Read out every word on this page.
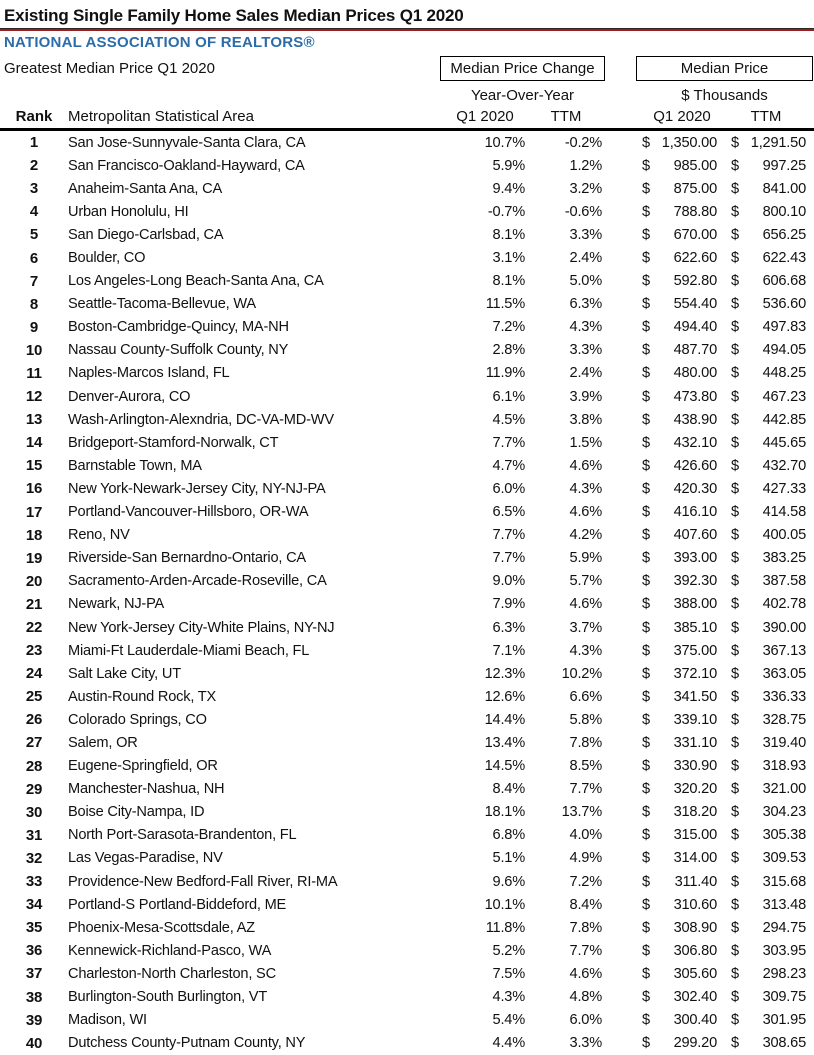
Existing Single Family Home Sales Median Prices Q1 2020
NATIONAL ASSOCIATION OF REALTORS®
Greatest Median Price Q1 2020	Median Price Change	Median Price
Year-Over-Year	$ Thousands
Rank	Metropolitan Statistical Area	Q1 2020	TTM	Q1 2020	TTM
1	San Jose-Sunnyvale-Santa Clara, CA	10.7%	-0.2%	$ 1,350.00 $ 1,291.50
2	San Francisco-Oakland-Hayward, CA	5.9%	1.2%	$ 985.00 $ 997.25
3	Anaheim-Santa Ana, CA	9.4%	3.2%	$ 875.00 $ 841.00
4	Urban Honolulu, HI	-0.7%	-0.6%	$ 788.80 $ 800.10
5	San Diego-Carlsbad, CA	8.1%	3.3%	$ 670.00 $ 656.25
6	Boulder, CO	3.1%	2.4%	$ 622.60 $ 622.43
7	Los Angeles-Long Beach-Santa Ana, CA	8.1%	5.0%	$ 592.80 $ 606.68
8	Seattle-Tacoma-Bellevue, WA	11.5%	6.3%	$ 554.40 $ 536.60
9	Boston-Cambridge-Quincy, MA-NH	7.2%	4.3%	$ 494.40 $ 497.83
10	Nassau County-Suffolk County, NY	2.8%	3.3%	$ 487.70 $ 494.05
11	Naples-Marcos Island, FL	11.9%	2.4%	$ 480.00 $ 448.25
12	Denver-Aurora, CO	6.1%	3.9%	$ 473.80 $ 467.23
13	Wash-Arlington-Alexndria, DC-VA-MD-WV	4.5%	3.8%	$ 438.90 $ 442.85
14	Bridgeport-Stamford-Norwalk, CT	7.7%	1.5%	$ 432.10 $ 445.65
15	Barnstable Town, MA	4.7%	4.6%	$ 426.60 $ 432.70
16	New York-Newark-Jersey City, NY-NJ-PA	6.0%	4.3%	$ 420.30 $ 427.33
17	Portland-Vancouver-Hillsboro, OR-WA	6.5%	4.6%	$ 416.10 $ 414.58
18	Reno, NV	7.7%	4.2%	$ 407.60 $ 400.05
19	Riverside-San Bernardno-Ontario, CA	7.7%	5.9%	$ 393.00 $ 383.25
20	Sacramento-Arden-Arcade-Roseville, CA	9.0%	5.7%	$ 392.30 $ 387.58
21	Newark, NJ-PA	7.9%	4.6%	$ 388.00 $ 402.78
22	New York-Jersey City-White Plains, NY-NJ	6.3%	3.7%	$ 385.10 $ 390.00
23	Miami-Ft Lauderdale-Miami Beach, FL	7.1%	4.3%	$ 375.00 $ 367.13
24	Salt Lake City, UT	12.3%	10.2%	$ 372.10 $ 363.05
25	Austin-Round Rock, TX	12.6%	6.6%	$ 341.50 $ 336.33
26	Colorado Springs, CO	14.4%	5.8%	$ 339.10 $ 328.75
27	Salem, OR	13.4%	7.8%	$ 331.10 $ 319.40
28	Eugene-Springfield, OR	14.5%	8.5%	$ 330.90 $ 318.93
29	Manchester-Nashua, NH	8.4%	7.7%	$ 320.20 $ 321.00
30	Boise City-Nampa, ID	18.1%	13.7%	$ 318.20 $ 304.23
31	North Port-Sarasota-Brandenton, FL	6.8%	4.0%	$ 315.00 $ 305.38
32	Las Vegas-Paradise, NV	5.1%	4.9%	$ 314.00 $ 309.53
33	Providence-New Bedford-Fall River, RI-MA	9.6%	7.2%	$ 311.40 $ 315.68
34	Portland-S Portland-Biddeford, ME	10.1%	8.4%	$ 310.60 $ 313.48
35	Phoenix-Mesa-Scottsdale, AZ	11.8%	7.8%	$ 308.90 $ 294.75
36	Kennewick-Richland-Pasco, WA	5.2%	7.7%	$ 306.80 $ 303.95
37	Charleston-North Charleston, SC	7.5%	4.6%	$ 305.60 $ 298.23
38	Burlington-South Burlington, VT	4.3%	4.8%	$ 302.40 $ 309.75
39	Madison, WI	5.4%	6.0%	$ 300.40 $ 301.95
40	Dutchess County-Putnam County, NY	4.4%	3.3%	$ 299.20 $ 308.65
